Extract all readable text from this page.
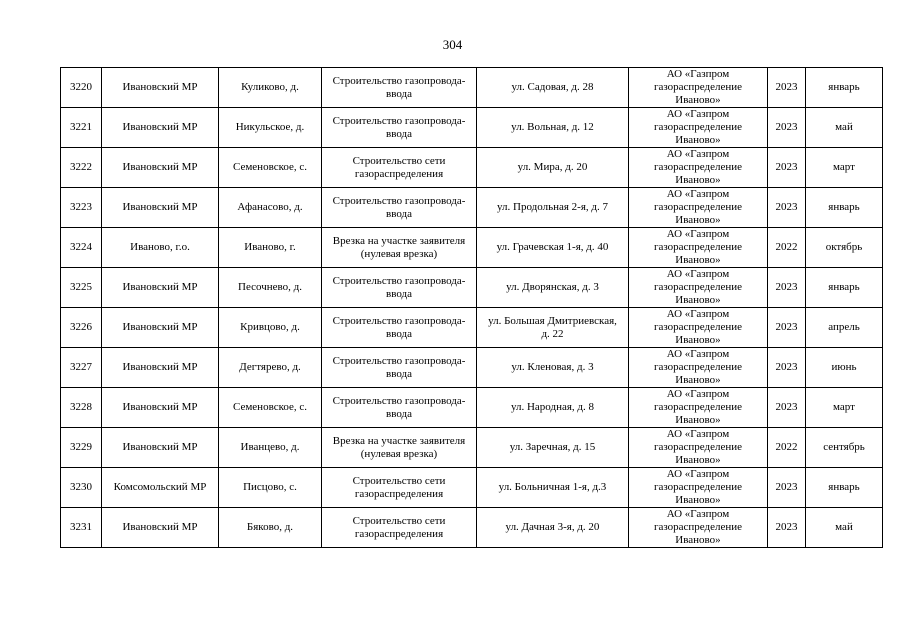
304
3220	Ивановский МР	Куликово, д.	Строительство газопровода-
ввода	ул. Садовая, д. 28	АО «Газпром
газораспределение
Иваново»	2023	январь
3221	Ивановский МР	Никульское, д.	Строительство газопровода-
ввода	ул. Вольная, д. 12	АО «Газпром
газораспределение
Иваново»	2023	май
3222	Ивановский МР	Семеновское, с.	Строительство сети
газораспределения	ул. Мира, д. 20	АО «Газпром
газораспределение
Иваново»	2023	март
3223	Ивановский МР	Афанасово, д.	Строительство газопровода-
ввода	ул. Продольная 2-я, д. 7	АО «Газпром
газораспределение
Иваново»	2023	январь
3224	Иваново, г.о.	Иваново, г.	Врезка на участке заявителя
(нулевая врезка)	ул. Грачевская 1-я, д. 40	АО «Газпром
газораспределение
Иваново»	2022	октябрь
3225	Ивановский МР	Песочнево, д.	Строительство газопровода-
ввода	ул. Дворянская, д. 3	АО «Газпром
газораспределение
Иваново»	2023	январь
3226	Ивановский МР	Кривцово, д.	Строительство газопровода-
ввода	ул. Большая Дмитриевская,
д. 22	АО «Газпром
газораспределение
Иваново»	2023	апрель
3227	Ивановский МР	Дегтярево, д.	Строительство газопровода-
ввода	ул. Кленовая, д. 3	АО «Газпром
газораспределение
Иваново»	2023	июнь
3228	Ивановский МР	Семеновское, с.	Строительство газопровода-
ввода	ул. Народная, д. 8	АО «Газпром
газораспределение
Иваново»	2023	март
3229	Ивановский МР	Иванцево, д.	Врезка на участке заявителя
(нулевая врезка)	ул. Заречная, д. 15	АО «Газпром
газораспределение
Иваново»	2022	сентябрь
3230	Комсомольский МР	Писцово, с.	Строительство сети
газораспределения	ул. Больничная 1-я, д.3	АО «Газпром
газораспределение
Иваново»	2023	январь
3231	Ивановский МР	Бяково, д.	Строительство сети
газораспределения	ул. Дачная 3-я, д. 20	АО «Газпром
газораспределение
Иваново»	2023	май
